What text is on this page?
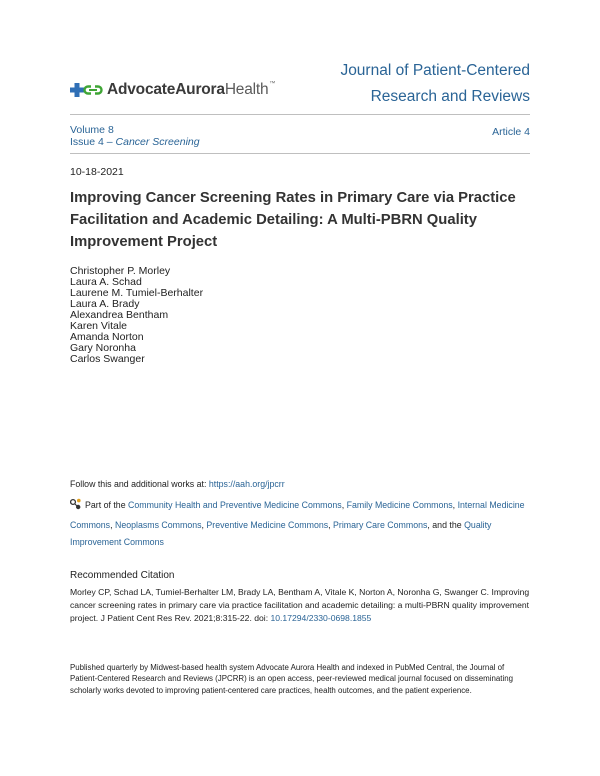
AdvocateAuroraHealth™
Journal of Patient-Centered
Research and Reviews
Volume 8
Issue 4 – Cancer Screening
Article 4
10-18-2021
Improving Cancer Screening Rates in Primary Care via Practice Facilitation and Academic Detailing: A Multi-PBRN Quality Improvement Project
Christopher P. Morley
Laura A. Schad
Laurene M. Tumiel-Berhalter
Laura A. Brady
Alexandrea Bentham
Karen Vitale
Amanda Norton
Gary Noronha
Carlos Swanger
Follow this and additional works at: https://aah.org/jpcrr
Part of the Community Health and Preventive Medicine Commons, Family Medicine Commons, Internal Medicine Commons, Neoplasms Commons, Preventive Medicine Commons, Primary Care Commons, and the Quality Improvement Commons
Recommended Citation

Morley CP, Schad LA, Tumiel-Berhalter LM, Brady LA, Bentham A, Vitale K, Norton A, Noronha G, Swanger C. Improving cancer screening rates in primary care via practice facilitation and academic detailing: a multi-PBRN quality improvement project. J Patient Cent Res Rev. 2021;8:315-22. doi: 10.17294/2330-0698.1855

Published quarterly by Midwest-based health system Advocate Aurora Health and indexed in PubMed Central, the Journal of Patient-Centered Research and Reviews (JPCRR) is an open access, peer-reviewed medical journal focused on disseminating scholarly works devoted to improving patient-centered care practices, health outcomes, and the patient experience.
